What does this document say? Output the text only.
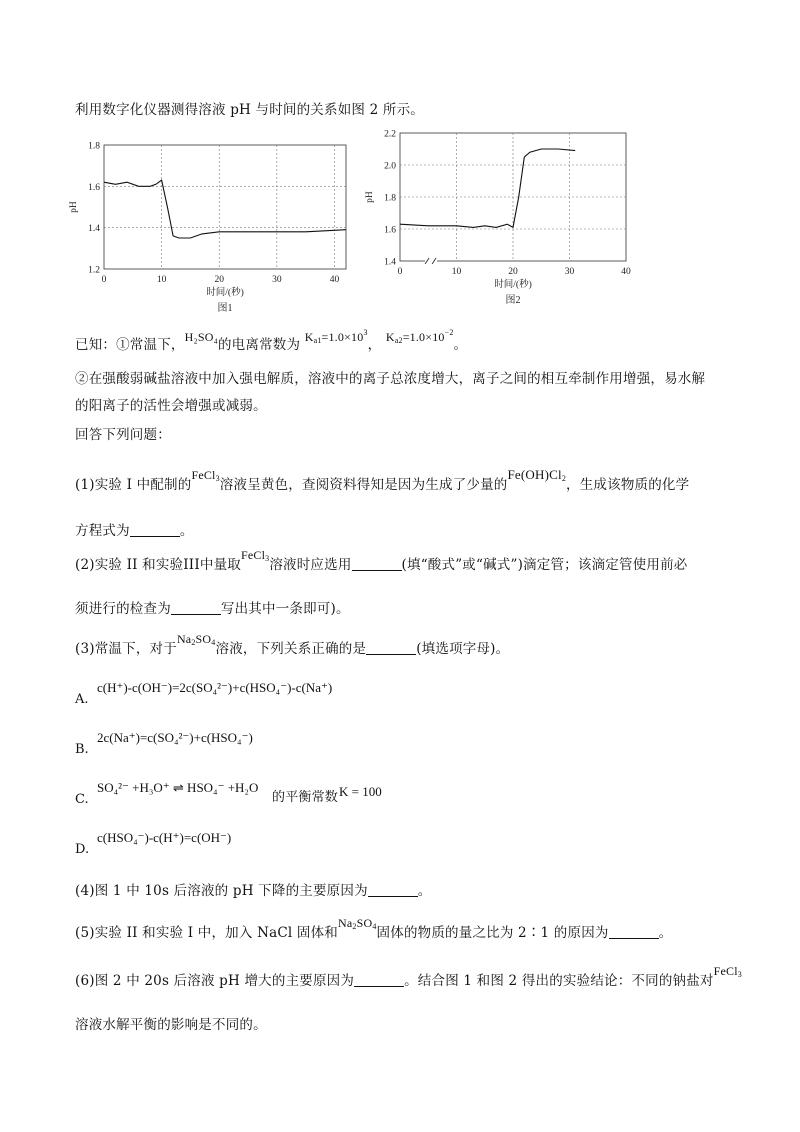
利用数字化仪器测得溶液 pH 与时间的关系如图 2 所示。
0	10	20	30	40
1.2
1.4
1.6
1.8
时间/(秒)
pH
图1
0	10	20	30	40
1.4
1.6
1.8
2.0
2.2
时间/(秒)
pH
图2
已知：①常温下，H₂SO₄的电离常数为 $K_{a1}=1.0\times 10^3$， $K_{a2}=1.0\times 10^{-2}$。
②在强酸弱碱盐溶液中加入强电解质，溶液中的离子总浓度增大，离子之间的相互牵制作用增强，易水解
的阳离子的活性会增强或减弱。
回答下列问题：
(1)实验 I 中配制的FeCl$_3$溶液呈黄色，查阅资料得知是因为生成了少量的$Fe(OH)Cl_2$，生成该物质的化学
方程式为	。
(2)实验 II 和实验III中量取FeCl$_3$溶液时应选用	(填“酸式”或“碱式”)滴定管；该滴定管使用前必
须进行的检查为	写出其中一条即可)。
(3)常温下，对于$Na_2SO_4$溶液，下列关系正确的是	(填选项字母)。
A.
c(H⁺)-c(OH⁻)=2c(SO₄²⁻)+c(HSO₄⁻)-c(Na⁺)
B.
2c(Na⁺)=c(SO₄²⁻)+c(HSO₄⁻)
C.
SO₄²⁻ +H₃O⁺ ⇌ HSO₄⁻ +H₂O
的平衡常数 K = 100
D.
c(HSO₄⁻)-c(H⁺)=c(OH⁻)
(4)图 1 中 10s 后溶液的 pH 下降的主要原因为	。
(5)实验 II 和实验 I 中，加入 NaCl 固体和$Na_2SO_4$固体的物质的量之比为 2∶1 的原因为	。
(6)图 2 中 20s 后溶液 pH 增大的主要原因为	。结合图 1 和图 2 得出的实验结论：不同的钠盐对FeCl$_3$
溶液水解平衡的影响是不同的。
